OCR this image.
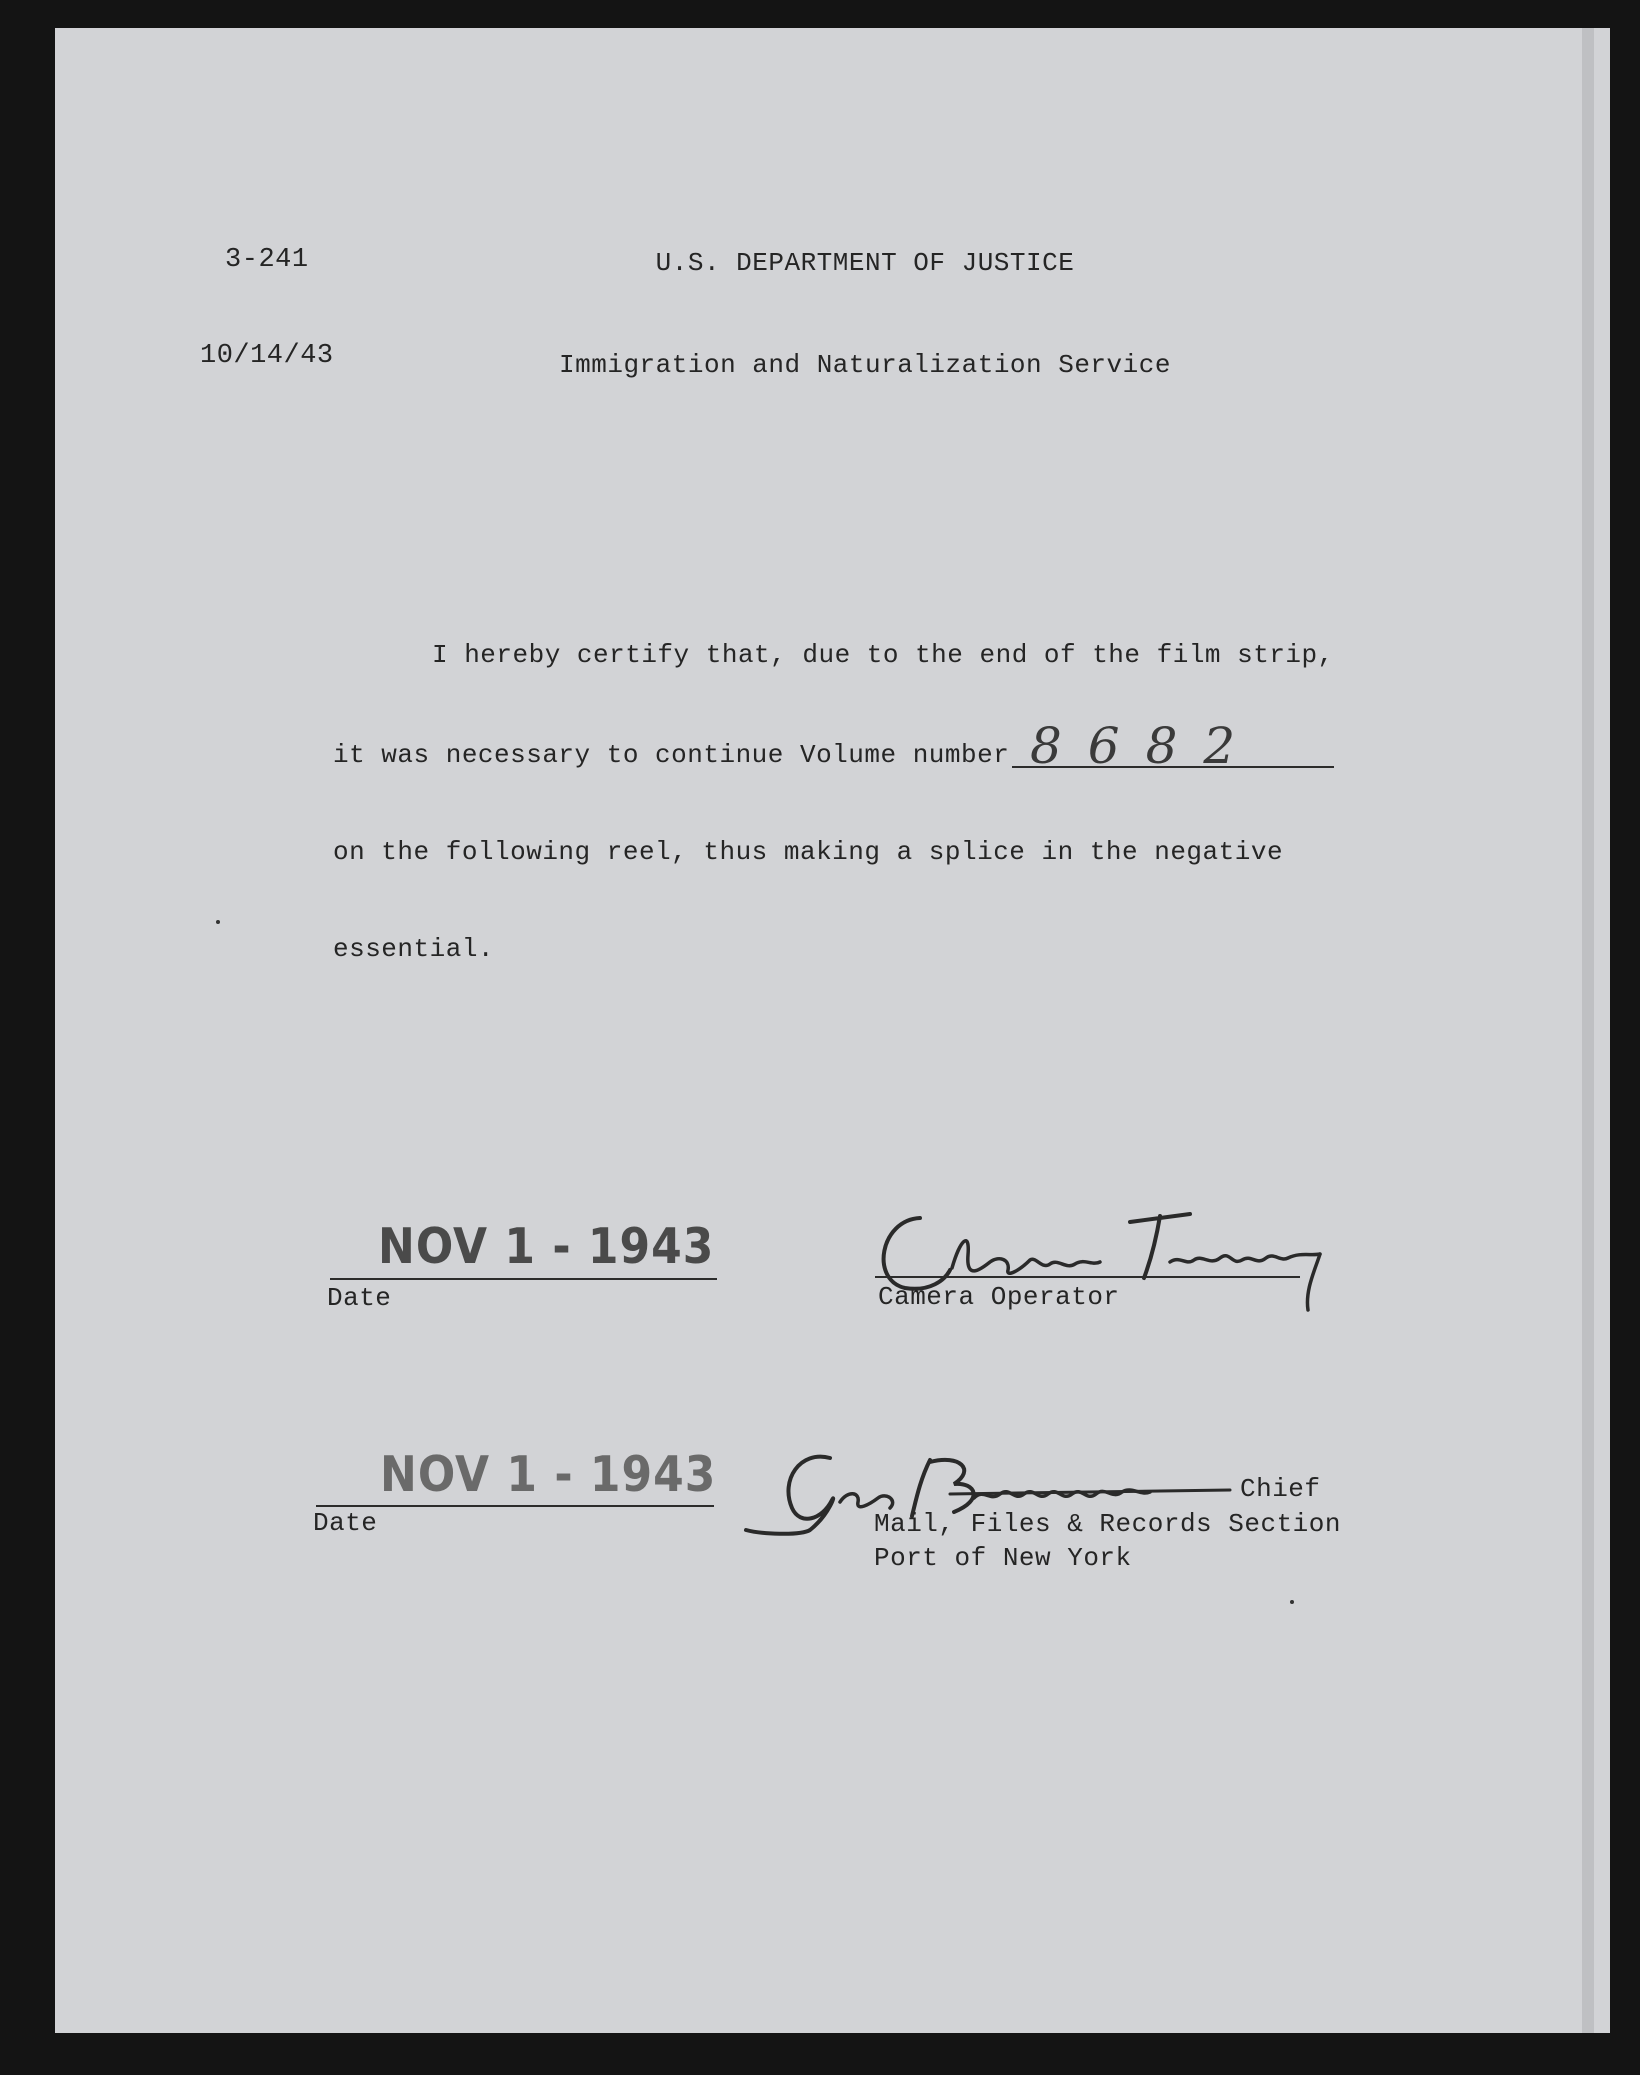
3-241

10/14/43

U.S. DEPARTMENT OF JUSTICE

Immigration and Naturalization Service

I hereby certify that, due to the end of the film strip,
it was necessary to continue Volume number 8682
on the following reel, thus making a splice in the negative
essential.
NOV 1 - 1943
Date	Camera Operator
NOV 1 - 1943
Date
Chief
Mail, Files & Records Section
Port of New York
